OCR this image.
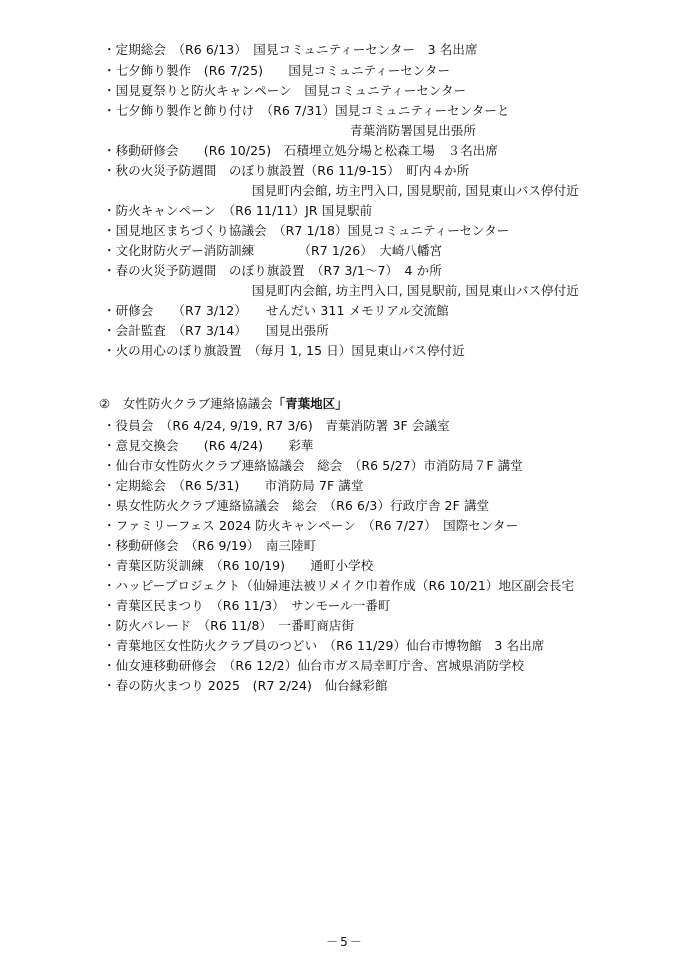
・定期総会　（R6 6/13）　国見コミュニティーセンター　3 名出席
・七夕飾り製作　(R6 7/25)　　国見コミュニティーセンター
・国見夏祭りと防火キャンペーン　国見コミュニティーセンター
・七夕飾り製作と飾り付け　（R6 7/31）国見コミュニティーセンターと
青葉消防署国見出張所
・移動研修会　　(R6 10/25)　石積埋立処分場と松森工場　３名出席
・秋の火災予防週間　のぼり旗設置（R6 11/9-15）　町内４か所
国見町内会館, 坊主門入口, 国見駅前, 国見東山バス停付近
・防火キャンペーン　（R6 11/11）JR 国見駅前
・国見地区まちづくり協議会　（R7 1/18）国見コミュニティーセンター
・文化財防火デー消防訓練　　　　（R7 1/26）　大崎八幡宮
・春の火災予防週間　のぼり旗設置　（R7 3/1〜7）　4 か所
国見町内会館, 坊主門入口, 国見駅前, 国見東山バス停付近
・研修会　　（R7 3/12）　　せんだい 311 メモリアル交流館
・会計監査　（R7 3/14）　　国見出張所
・火の用心のぼり旗設置　（毎月 1, 15 日）国見東山バス停付近

②　女性防火クラブ連絡協議会「青葉地区」

・役員会　（R6 4/24, 9/19, R7 3/6)　青葉消防署 3F 会議室
・意見交換会　　(R6 4/24)　　彩華
・仙台市女性防火クラブ連絡協議会　総会　（R6 5/27）市消防局７F 講堂
・定期総会　（R6 5/31)　　市消防局 7F 講堂
・県女性防火クラブ連絡協議会　総会　（R6 6/3）行政庁舎 2F 講堂
・ファミリーフェス 2024 防火キャンペーン　（R6 7/27）　国際センター
・移動研修会　（R6 9/19）　南三陸町
・青葉区防災訓練　（R6 10/19)　　通町小学校
・ハッピープロジェクト（仙婦連法被リメイク巾着作成（R6 10/21）地区副会長宅
・青葉区民まつり　（R6 11/3）　サンモール一番町
・防火パレード　（R6 11/8）　一番町商店街
・青葉地区女性防火クラブ員のつどい　（R6 11/29）仙台市博物館　3 名出席
・仙女連移動研修会　（R6 12/2）仙台市ガス局幸町庁舎、宮城県消防学校
・春の防火まつり 2025　(R7 2/24)　仙台縁彩館
－5－
